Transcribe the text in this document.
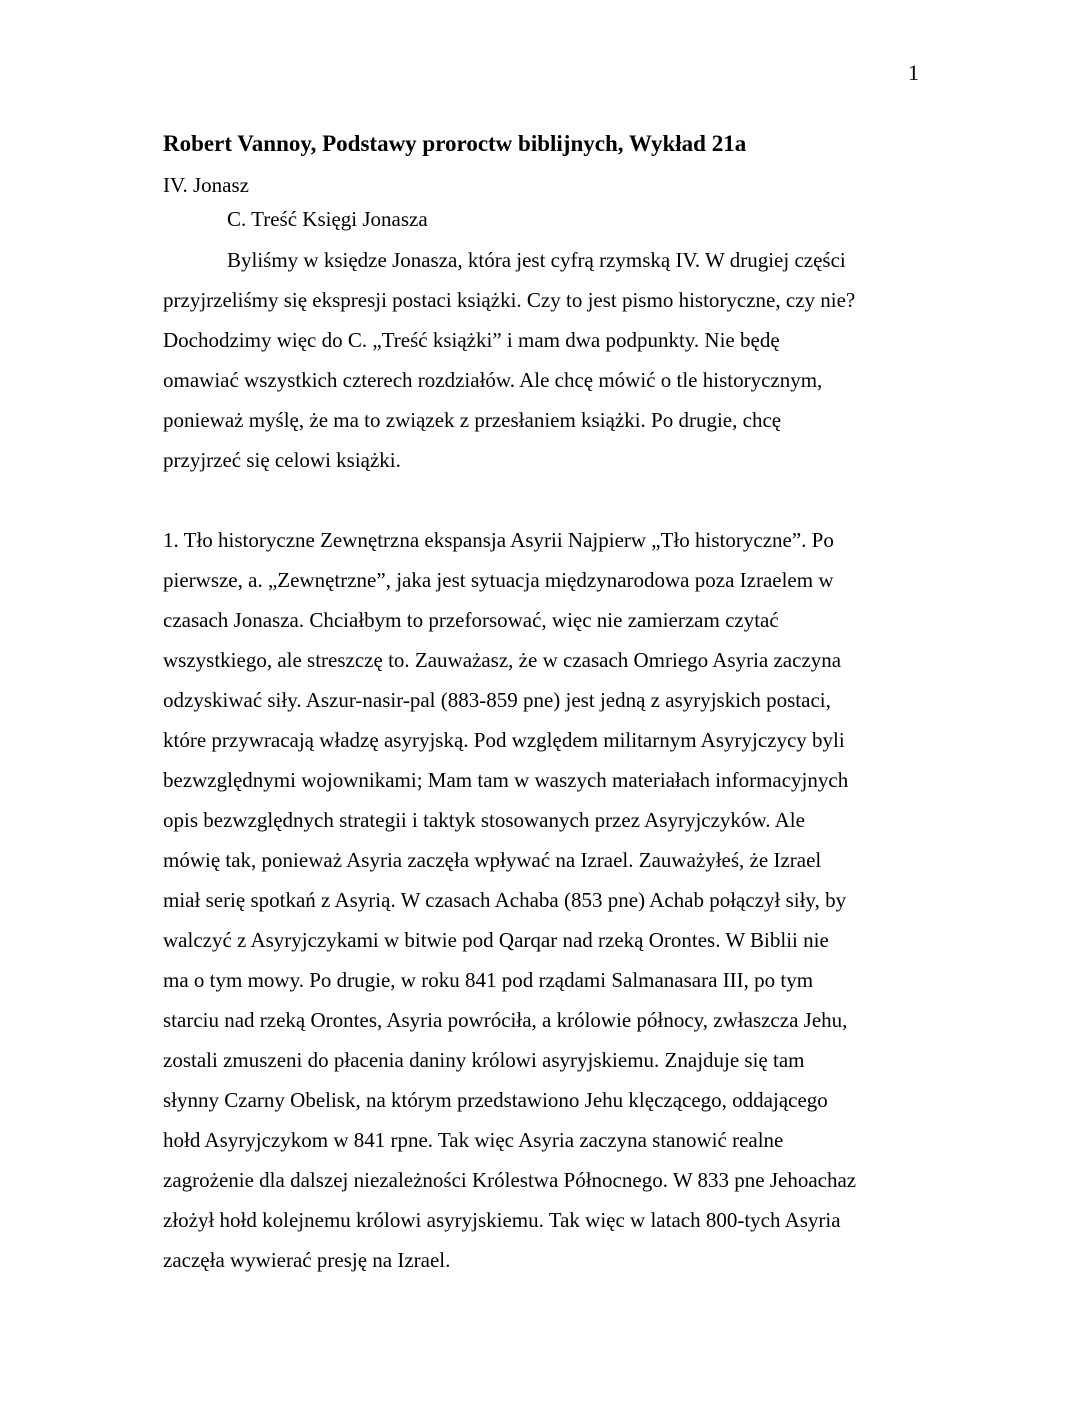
1
Robert Vannoy, Podstawy proroctw biblijnych, Wykład 21a
IV. Jonasz
C. Treść Księgi Jonasza
Byliśmy w księdze Jonasza, która jest cyfrą rzymską IV. W drugiej części
przyjrzeliśmy się ekspresji postaci książki. Czy to jest pismo historyczne, czy nie?
Dochodzimy więc do C. „Treść książki” i mam dwa podpunkty. Nie będę
omawiać wszystkich czterech rozdziałów. Ale chcę mówić o tle historycznym,
ponieważ myślę, że ma to związek z przesłaniem książki. Po drugie, chcę
przyjrzeć się celowi książki.
1. Tło historyczne Zewnętrzna ekspansja Asyrii Najpierw „Tło historyczne”. Po
pierwsze, a. „Zewnętrzne”, jaka jest sytuacja międzynarodowa poza Izraelem w
czasach Jonasza. Chciałbym to przeforsować, więc nie zamierzam czytać
wszystkiego, ale streszczę to. Zauważasz, że w czasach Omriego Asyria zaczyna
odzyskiwać siły. Aszur-nasir-pal (883-859 pne) jest jedną z asyryjskich postaci,
które przywracają władzę asyryjską. Pod względem militarnym Asyryjczycy byli
bezwzględnymi wojownikami; Mam tam w waszych materiałach informacyjnych
opis bezwzględnych strategii i taktyk stosowanych przez Asyryjczyków. Ale
mówię tak, ponieważ Asyria zaczęła wpływać na Izrael. Zauważyłeś, że Izrael
miał serię spotkań z Asyrią. W czasach Achaba (853 pne) Achab połączył siły, by
walczyć z Asyryjczykami w bitwie pod Qarqar nad rzeką Orontes. W Biblii nie
ma o tym mowy. Po drugie, w roku 841 pod rządami Salmanasara III, po tym
starciu nad rzeką Orontes, Asyria powróciła, a królowie północy, zwłaszcza Jehu,
zostali zmuszeni do płacenia daniny królowi asyryjskiemu. Znajduje się tam
słynny Czarny Obelisk, na którym przedstawiono Jehu klęczącego, oddającego
hołd Asyryjczykom w 841 rpne. Tak więc Asyria zaczyna stanowić realne
zagrożenie dla dalszej niezależności Królestwa Północnego. W 833 pne Jehoachaz
złożył hołd kolejnemu królowi asyryjskiemu. Tak więc w latach 800-tych Asyria
zaczęła wywierać presję na Izrael.
